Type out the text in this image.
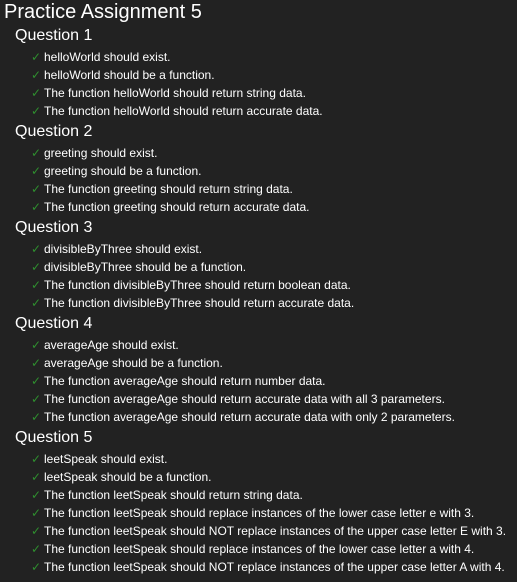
Practice Assignment 5
Question 1
✓ helloWorld should exist.
✓ helloWorld should be a function.
✓ The function helloWorld should return string data.
✓ The function helloWorld should return accurate data.
Question 2
✓ greeting should exist.
✓ greeting should be a function.
✓ The function greeting should return string data.
✓ The function greeting should return accurate data.
Question 3
✓ divisibleByThree should exist.
✓ divisibleByThree should be a function.
✓ The function divisibleByThree should return boolean data.
✓ The function divisibleByThree should return accurate data.
Question 4
✓ averageAge should exist.
✓ averageAge should be a function.
✓ The function averageAge should return number data.
✓ The function averageAge should return accurate data with all 3 parameters.
✓ The function averageAge should return accurate data with only 2 parameters.
Question 5
✓ leetSpeak should exist.
✓ leetSpeak should be a function.
✓ The function leetSpeak should return string data.
✓ The function leetSpeak should replace instances of the lower case letter e with 3.
✓ The function leetSpeak should NOT replace instances of the upper case letter E with 3.
✓ The function leetSpeak should replace instances of the lower case letter a with 4.
✓ The function leetSpeak should NOT replace instances of the upper case letter A with 4.
